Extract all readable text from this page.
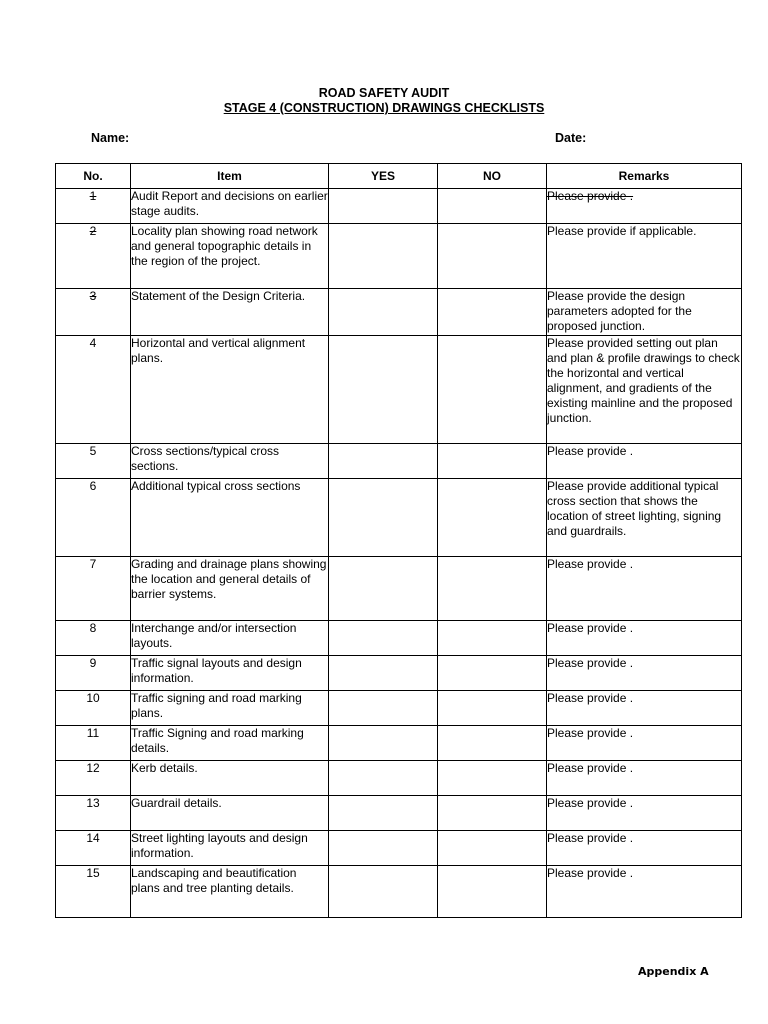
ROAD SAFETY AUDIT
STAGE 4 (CONSTRUCTION) DRAWINGS CHECKLISTS
Name:	Date:
No.	Item	YES	NO	Remarks
1	Audit Report and decisions on earlier stage audits.			Please provide .
2	Locality plan showing road network and general topographic details in the region of the project.			Please provide if applicable.
3	Statement of the Design Criteria.			Please provide the design parameters adopted for the proposed junction.
4	Horizontal and vertical alignment plans.			Please provided setting out plan and plan & profile drawings to check the horizontal and vertical alignment, and gradients of the existing mainline and the proposed junction.
5	Cross sections/typical cross sections.			Please provide .
6	Additional typical cross sections			Please provide additional typical cross section that shows the location of street lighting, signing and guardrails.
7	Grading and drainage plans showing the location and general details of barrier systems.			Please provide .
8	Interchange and/or intersection layouts.			Please provide .
9	Traffic signal layouts and design information.			Please provide .
10	Traffic signing and road marking plans.			Please provide .
11	Traffic Signing and road marking details.			Please provide .
12	Kerb details.			Please provide .
13	Guardrail details.			Please provide .
14	Street lighting layouts and design information.			Please provide .
15	Landscaping and beautification plans and tree planting details.			Please provide .
Appendix A
